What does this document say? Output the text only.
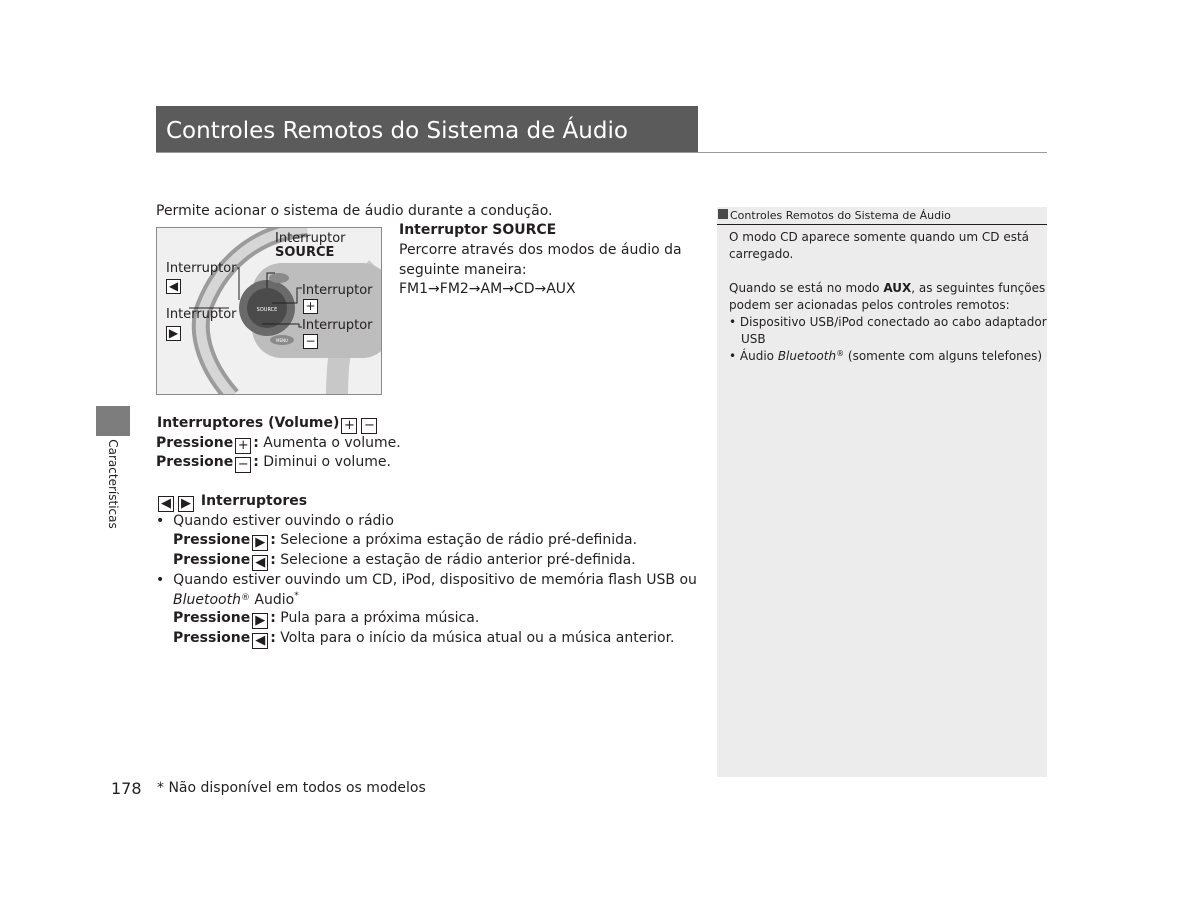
Controles Remotos do Sistema de Áudio
Características
Permite acionar o sistema de áudio durante a condução.
SOURCE
MENU
Interruptor
SOURCE
Interruptor
◀
Interruptor
▶
Interruptor
+
Interruptor
−
Interruptor SOURCE
Percorre através dos modos de áudio da
seguinte maneira:
FM1→FM2→AM→CD→AUX
Interruptores (Volume) + −
Pressione + : Aumenta o volume.
Pressione − : Diminui o volume.
◀ ▶ Interruptores
•  Quando estiver ouvindo o rádio
Pressione ▶ : Selecione a próxima estação de rádio pré-definida.
Pressione ◀ : Selecione a estação de rádio anterior pré-definida.
•  Quando estiver ouvindo um CD, iPod, dispositivo de memória flash USB ou
Bluetooth® Audio*
Pressione ▶ : Pula para a próxima música.
Pressione ◀ : Volta para o início da música atual ou a música anterior.
Controles Remotos do Sistema de Áudio
O modo CD aparece somente quando um CD está
carregado.
Quando se está no modo AUX, as seguintes funções
podem ser acionadas pelos controles remotos:
• Dispositivo USB/iPod conectado ao cabo adaptador
USB
• Áudio Bluetooth® (somente com alguns telefones)
178 * Não disponível em todos os modelos
